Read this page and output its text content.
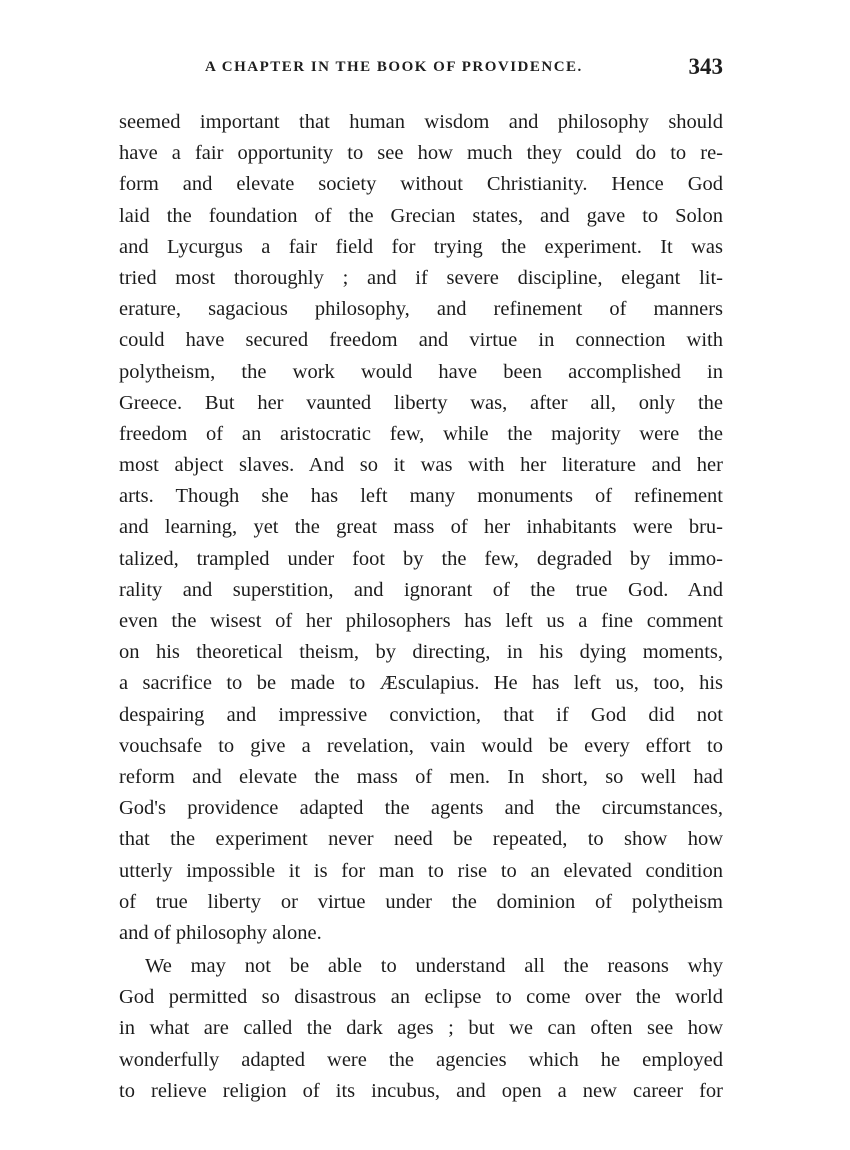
A CHAPTER IN THE BOOK OF PROVIDENCE.	343
seemed important that human wisdom and philosophy should
have a fair opportunity to see how much they could do to re-
form and elevate society without Christianity. Hence God
laid the foundation of the Grecian states, and gave to Solon
and Lycurgus a fair field for trying the experiment. It was
tried most thoroughly ; and if severe discipline, elegant lit-
erature, sagacious philosophy, and refinement of manners
could have secured freedom and virtue in connection with
polytheism, the work would have been accomplished in
Greece. But her vaunted liberty was, after all, only the
freedom of an aristocratic few, while the majority were the
most abject slaves. And so it was with her literature and her
arts. Though she has left many monuments of refinement
and learning, yet the great mass of her inhabitants were bru-
talized, trampled under foot by the few, degraded by immo-
rality and superstition, and ignorant of the true God. And
even the wisest of her philosophers has left us a fine comment
on his theoretical theism, by directing, in his dying moments,
a sacrifice to be made to Æsculapius. He has left us, too, his
despairing and impressive conviction, that if God did not
vouchsafe to give a revelation, vain would be every effort to
reform and elevate the mass of men. In short, so well had
God's providence adapted the agents and the circumstances,
that the experiment never need be repeated, to show how
utterly impossible it is for man to rise to an elevated condition
of true liberty or virtue under the dominion of polytheism
and of philosophy alone.
We may not be able to understand all the reasons why
God permitted so disastrous an eclipse to come over the world
in what are called the dark ages ; but we can often see how
wonderfully adapted were the agencies which he employed
to relieve religion of its incubus, and open a new career for
